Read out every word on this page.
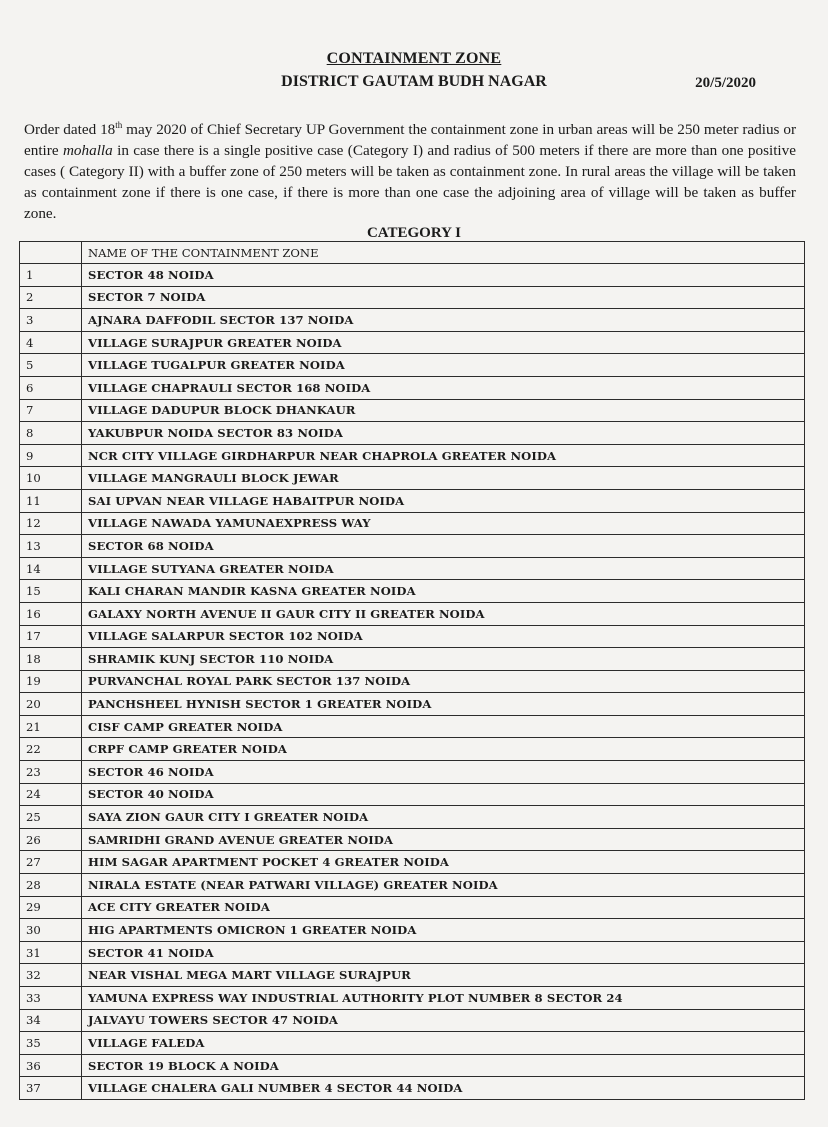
CONTAINMENT ZONE
DISTRICT GAUTAM BUDH NAGAR	20/5/2020
Order dated 18th may 2020 of Chief Secretary UP Government the containment zone in urban areas will be 250 meter radius or entire mohalla in case there is a single positive case (Category I) and radius of 500 meters if there are more than one positive cases ( Category II) with a buffer zone of 250 meters will be taken as containment zone. In rural areas the village will be taken as containment zone if there is one case, if there is more than one case the adjoining area of village will be taken as buffer zone.
CATEGORY I
	NAME OF THE CONTAINMENT ZONE
1	SECTOR 48 NOIDA
2	SECTOR 7 NOIDA
3	AJNARA DAFFODIL SECTOR 137 NOIDA
4	VILLAGE SURAJPUR GREATER NOIDA
5	VILLAGE TUGALPUR GREATER NOIDA
6	VILLAGE CHAPRAULI SECTOR 168 NOIDA
7	VILLAGE DADUPUR BLOCK DHANKAUR
8	YAKUBPUR NOIDA SECTOR 83 NOIDA
9	NCR CITY VILLAGE GIRDHARPUR NEAR CHAPROLA GREATER NOIDA
10	VILLAGE MANGRAULI BLOCK JEWAR
11	SAI UPVAN NEAR VILLAGE HABAITPUR NOIDA
12	VILLAGE NAWADA YAMUNAEXPRESS WAY
13	SECTOR 68 NOIDA
14	VILLAGE SUTYANA GREATER NOIDA
15	KALI CHARAN MANDIR KASNA GREATER NOIDA
16	GALAXY NORTH AVENUE II GAUR CITY II GREATER NOIDA
17	VILLAGE SALARPUR SECTOR 102 NOIDA
18	SHRAMIK KUNJ SECTOR 110 NOIDA
19	PURVANCHAL ROYAL PARK SECTOR 137 NOIDA
20	PANCHSHEEL HYNISH SECTOR 1 GREATER NOIDA
21	CISF CAMP GREATER NOIDA
22	CRPF CAMP GREATER NOIDA
23	SECTOR 46 NOIDA
24	SECTOR 40 NOIDA
25	SAYA ZION GAUR CITY I GREATER NOIDA
26	SAMRIDHI GRAND AVENUE GREATER NOIDA
27	HIM SAGAR APARTMENT POCKET 4 GREATER NOIDA
28	NIRALA ESTATE (NEAR PATWARI VILLAGE) GREATER NOIDA
29	ACE CITY GREATER NOIDA
30	HIG APARTMENTS OMICRON 1 GREATER NOIDA
31	SECTOR 41 NOIDA
32	NEAR VISHAL MEGA MART VILLAGE SURAJPUR
33	YAMUNA EXPRESS WAY INDUSTRIAL AUTHORITY PLOT NUMBER 8 SECTOR 24
34	JALVAYU TOWERS SECTOR 47 NOIDA
35	VILLAGE FALEDA
36	SECTOR 19 BLOCK A NOIDA
37	VILLAGE CHALERA GALI NUMBER 4 SECTOR 44 NOIDA
